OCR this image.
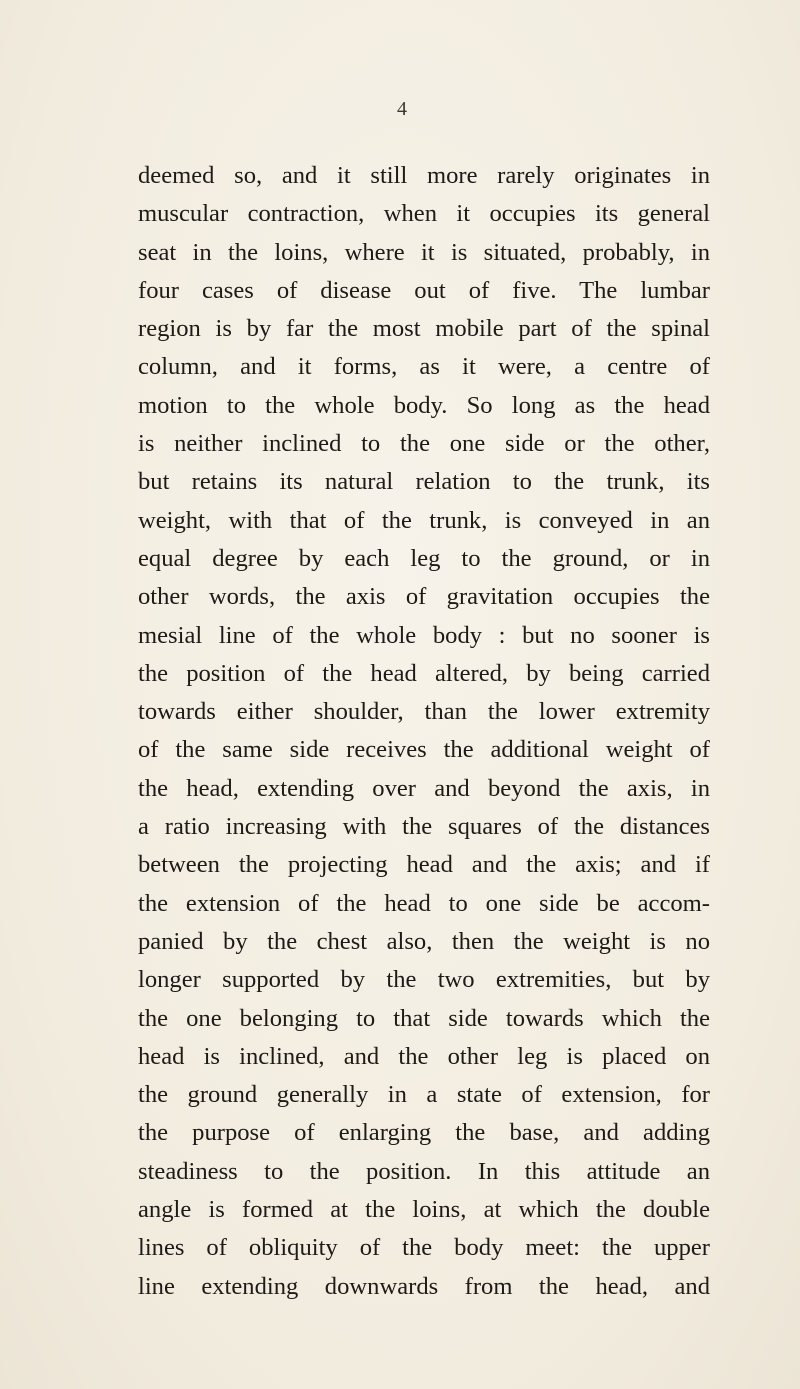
4
deemed so, and it still more rarely originates in
muscular contraction, when it occupies its general
seat in the loins, where it is situated, probably, in
four cases of disease out of five. The lumbar
region is by far the most mobile part of the spinal
column, and it forms, as it were, a centre of
motion to the whole body. So long as the head
is neither inclined to the one side or the other,
but retains its natural relation to the trunk, its
weight, with that of the trunk, is conveyed in an
equal degree by each leg to the ground, or in
other words, the axis of gravitation occupies the
mesial line of the whole body : but no sooner is
the position of the head altered, by being carried
towards either shoulder, than the lower extremity
of the same side receives the additional weight of
the head, extending over and beyond the axis, in
a ratio increasing with the squares of the distances
between the projecting head and the axis; and if
the extension of the head to one side be accom-
panied by the chest also, then the weight is no
longer supported by the two extremities, but by
the one belonging to that side towards which the
head is inclined, and the other leg is placed on
the ground generally in a state of extension, for
the purpose of enlarging the base, and adding
steadiness to the position. In this attitude an
angle is formed at the loins, at which the double
lines of obliquity of the body meet: the upper
line extending downwards from the head, and
